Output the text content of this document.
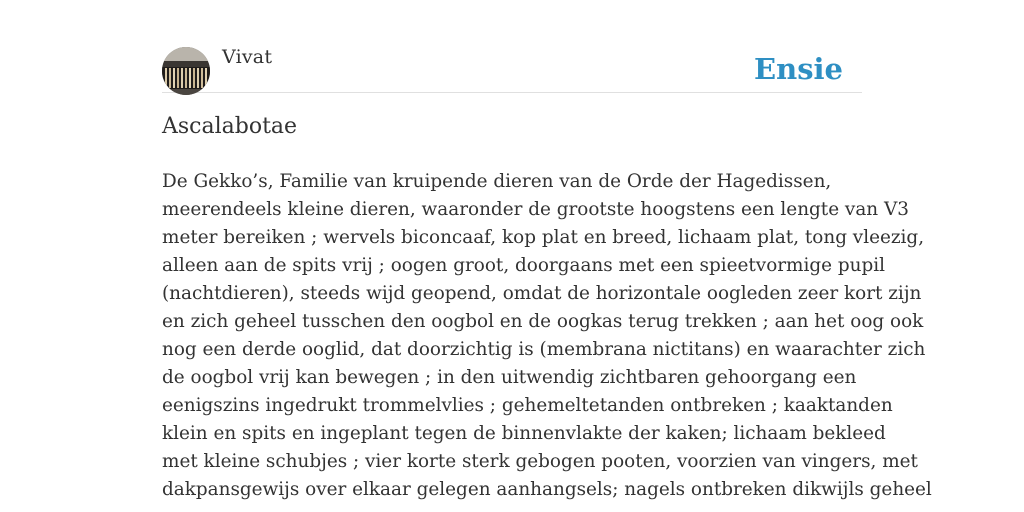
Vivat	Ensie
Ascalabotae

De Gekko’s, Familie van kruipende dieren van de Orde der Hagedissen,
meerendeels kleine dieren, waaronder de grootste hoogstens een lengte van V3
meter bereiken ; wervels biconcaaf, kop plat en breed, lichaam plat, tong vleezig,
alleen aan de spits vrij ; oogen groot, doorgaans met een spieetvormige pupil
(nachtdieren), steeds wijd geopend, omdat de horizontale oogleden zeer kort zijn
en zich geheel tusschen den oogbol en de oogkas terug trekken ; aan het oog ook
nog een derde ooglid, dat doorzichtig is (membrana nictitans) en waarachter zich
de oogbol vrij kan bewegen ; in den uitwendig zichtbaren gehoorgang een
eenigszins ingedrukt trommelvlies ; gehemeltetanden ontbreken ; kaaktanden
klein en spits en ingeplant tegen de binnenvlakte der kaken; lichaam bekleed
met kleine schubjes ; vier korte sterk gebogen pooten, voorzien van vingers, met
dakpansgewijs over elkaar gelegen aanhangsels; nagels ontbreken dikwijls geheel
